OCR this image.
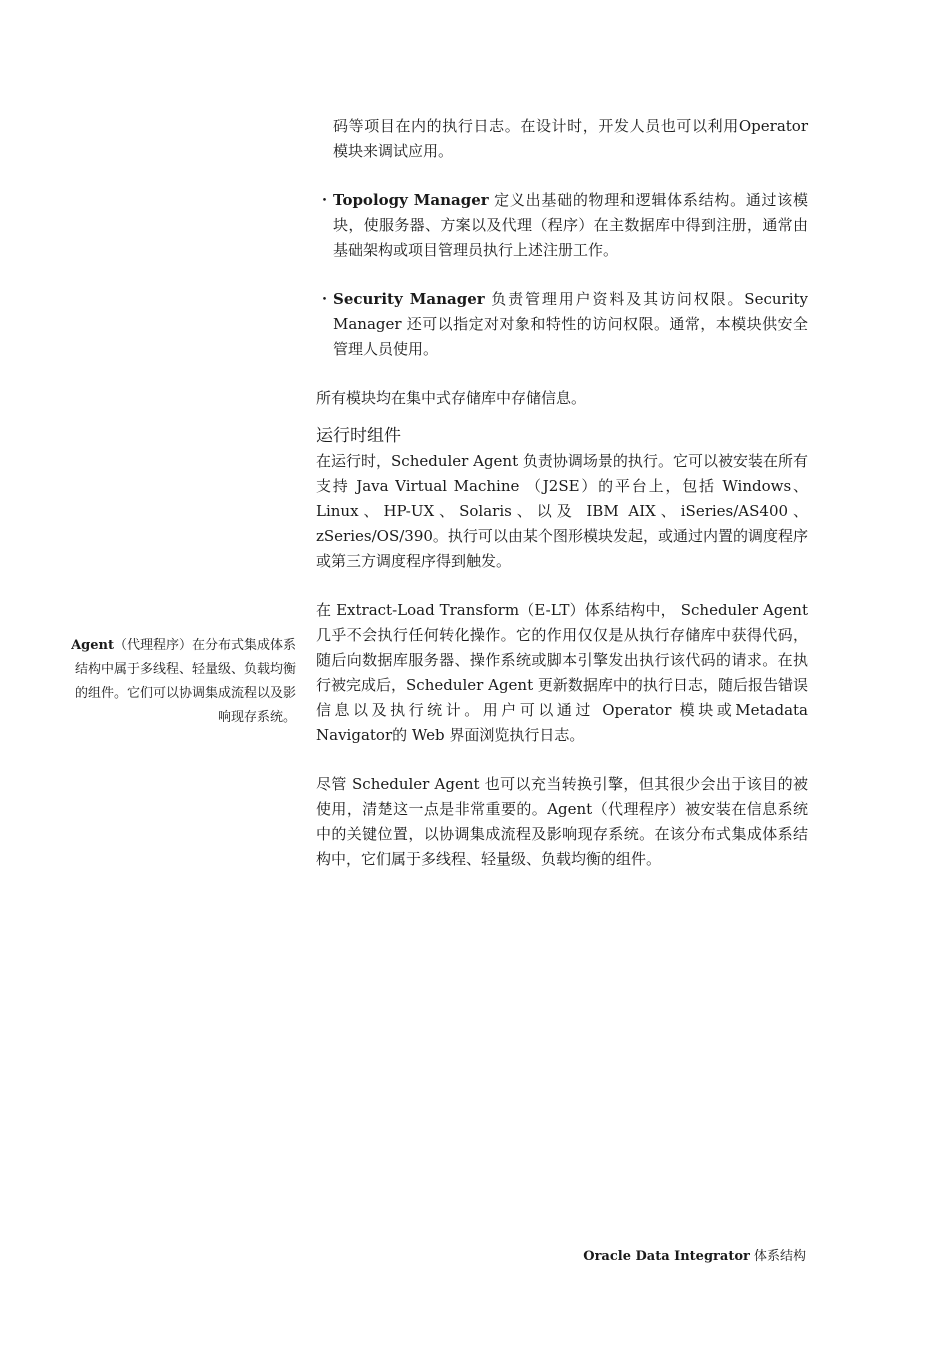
码等项目在内的执行日志。在设计时，开发人员也可以利用Operator 模块来调试应用。

・ Topology Manager 定义出基础的物理和逻辑体系结构。通过该模块，使服务器、方案以及代理（程序）在主数据库中得到注册，通常由基础架构或项目管理员执行上述注册工作。

・ Security Manager 负责管理用户资料及其访问权限。Security Manager 还可以指定对对象和特性的访问权限。通常，本模块供安全管理人员使用。

所有模块均在集中式存储库中存储信息。

运行时组件

在运行时，Scheduler Agent 负责协调场景的执行。它可以被安装在所有支持 Java Virtual Machine （J2SE）的平台上，包括 Windows、Linux、HP-UX、Solaris、以及 IBM AIX、iSeries/AS400、zSeries/OS/390。执行可以由某个图形模块发起，或通过内置的调度程序或第三方调度程序得到触发。

在 Extract-Load Transform（E-LT）体系结构中， Scheduler Agent 几乎不会执行任何转化操作。它的作用仅仅是从执行存储库中获得代码，随后向数据库服务器、操作系统或脚本引擎发出执行该代码的请求。在执行被完成后，Scheduler Agent 更新数据库中的执行日志，随后报告错误信息以及执行统计。用户可以通过 Operator 模块或Metadata Navigator的 Web 界面浏览执行日志。

尽管 Scheduler Agent 也可以充当转换引擎，但其很少会出于该目的被使用，清楚这一点是非常重要的。Agent（代理程序）被安装在信息系统中的关键位置，以协调集成流程及影响现存系统。在该分布式集成体系结构中，它们属于多线程、轻量级、负载均衡的组件。

Agent（代理程序）在分布式集成体系结构中属于多线程、轻量级、负载均衡的组件。它们可以协调集成流程以及影响现存系统。
Oracle Data Integrator 体系结构
